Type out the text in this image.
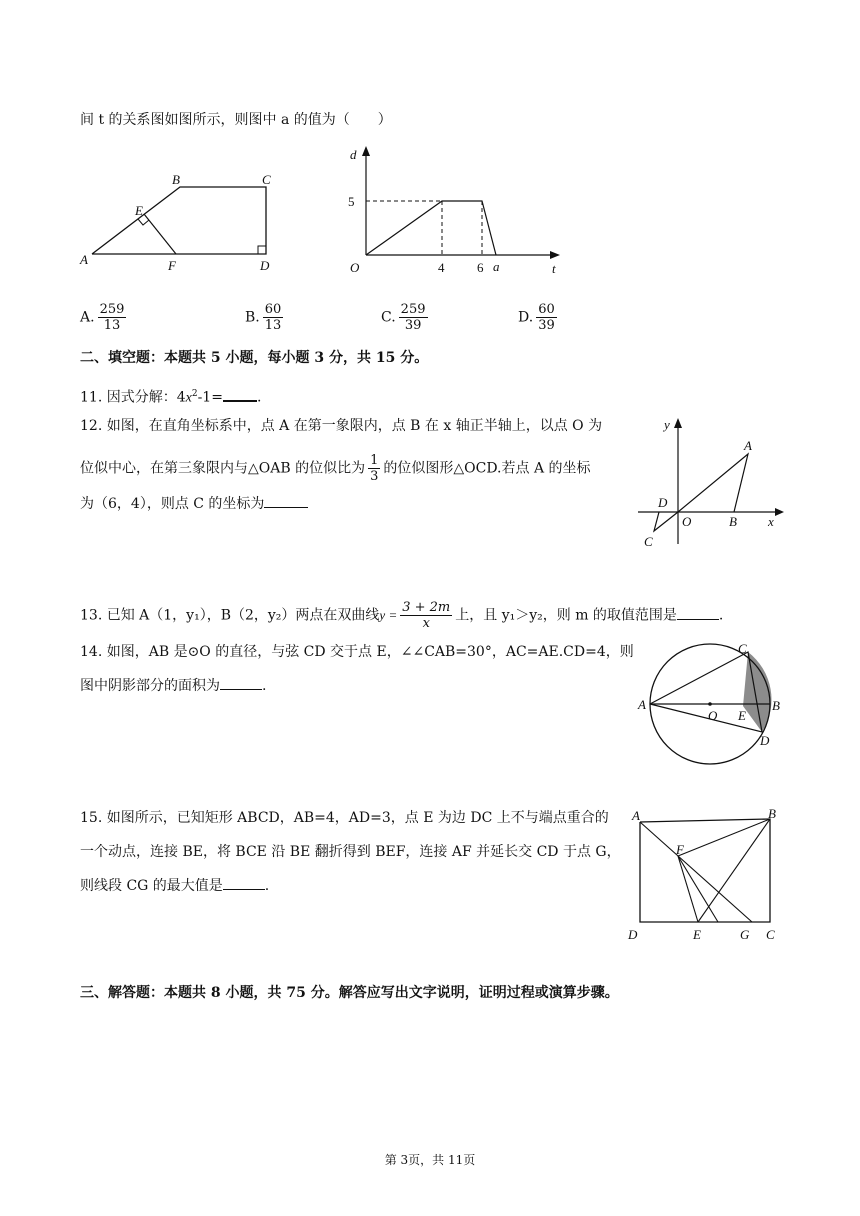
间 t 的关系图如图所示，则图中 a 的值为（　　）
A
B	C
D
E
F
d
5
O	4	6 a	t
A. $\frac{259}{13}$	B. $\frac{60}{13}$	C. $\frac{259}{39}$	D. $\frac{60}{39}$
二、填空题：本题共 5 小题，每小题 3 分，共 15 分。
11. 因式分解：$4x^2-1=$ .
12. 如图，在直角坐标系中，点 A 在第一象限内，点 B 在 x 轴正半轴上，以点 O 为
位似中心，在第三象限内与△OAB 的位似比为 $\frac{1}{3}$ 的位似图形△OCD.若点 A 的坐标
为（6，4），则点 C 的坐标为
y
A
D
O	B x
C
13. 已知 A（1，y₁），B（2，y₂）两点在双曲线$y = \frac{3 + 2m}{x}$ 上，且 y₁＞y₂，则 m 的取值范围是	.
14. 如图，AB 是⊙O 的直径，与弦 CD 交于点 E，∠∠CAB=30°，AC=AE.CD=4，则
图中阴影部分的面积为	.
A
O E
B
C
D
15. 如图所示，已知矩形 ABCD，AB=4，AD=3，点 E 为边 DC 上不与端点重合的
一个动点，连接 BE，将 BCE 沿 BE 翻折得到 BEF，连接 AF 并延长交 CD 于点 G，
则线段 CG 的最大值是	.
A	B
F
D	E	G C
三、解答题：本题共 8 小题，共 75 分。解答应写出文字说明，证明过程或演算步骤。
第 3页，共 11页
